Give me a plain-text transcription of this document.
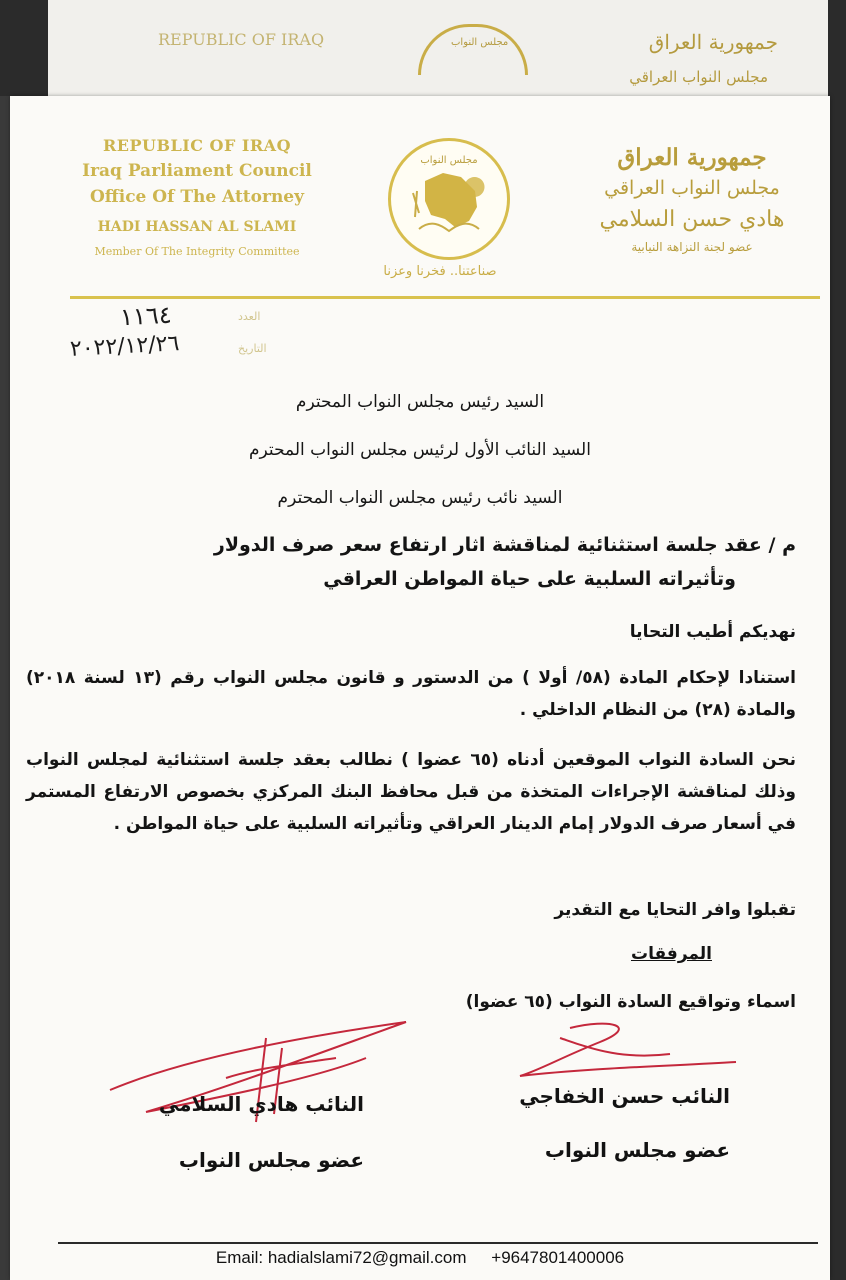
REPUBLIC OF IRAQ	مجلس النواب	جمهورية العراق
مجلس النواب العراقي
REPUBLIC OF IRAQ
Iraq Parliament Council
Office Of The Attorney
HADI HASSAN AL SLAMI
Member Of The Integrity Committee
مجلس النواب
صناعتنا.. فخرنا وعزنا
جمهورية العراق
مجلس النواب العراقي
هادي حسن السلامي
عضو لجنة النزاهة النيابية
١١٦٤	العدد
٢٠٢٢/١٢/٢٦	التاريخ
السيد رئيس مجلس النواب المحترم
السيد النائب الأول لرئيس مجلس النواب المحترم
السيد نائب رئيس مجلس النواب المحترم
م / عقد جلسة استثنائية لمناقشة اثار ارتفاع سعر صرف الدولار
وتأثيراته السلبية على حياة المواطن العراقي
نهديكم أطيب التحايا
استنادا لإحكام المادة (٥٨/ أولا ) من الدستور و قانون مجلس النواب رقم (١٣ لسنة ٢٠١٨) والمادة (٢٨) من النظام الداخلي .
نحن السادة النواب الموقعين أدناه (٦٥ عضوا ) نطالب بعقد جلسة استثنائية لمجلس النواب وذلك لمناقشة الإجراءات المتخذة من قبل محافظ البنك المركزي بخصوص الارتفاع المستمر في أسعار صرف الدولار إمام الدينار العراقي وتأثيراته السلبية على حياة المواطن .
تقبلوا وافر التحايا مع التقدير
المرفقات
اسماء وتواقيع السادة النواب (٦٥ عضوا)
النائب حسن الخفاجي
عضو مجلس النواب
النائب هادي السلامي
عضو مجلس النواب
Email: hadialslami72@gmail.com +9647801400006
